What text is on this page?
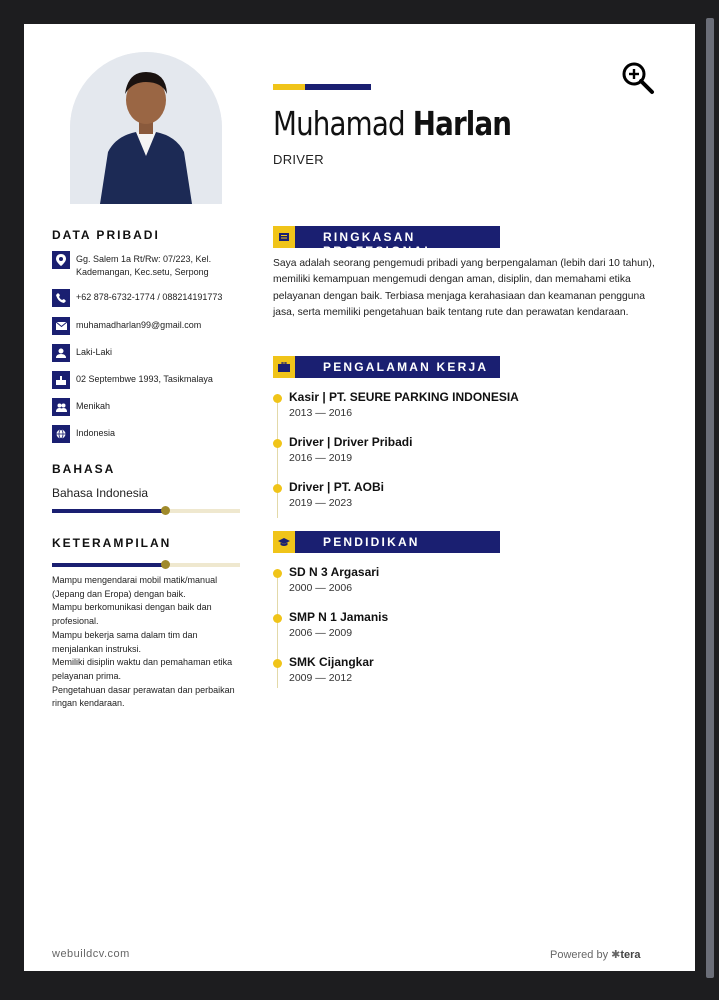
Muhamad Harlan
DRIVER
DATA PRIBADI
Gg. Salem 1a Rt/Rw: 07/223, Kel. Kademangan, Kec.setu, Serpong
+62 878-6732-1774 / 088214191773
muhamadharlan99@gmail.com
Laki-Laki
02 Septembwe 1993, Tasikmalaya
Menikah
Indonesia
BAHASA
Bahasa Indonesia
KETERAMPILAN
Mampu mengendarai mobil matik/manual (Jepang dan Eropa) dengan baik.
Mampu berkomunikasi dengan baik dan profesional.
Mampu bekerja sama dalam tim dan menjalankan instruksi.
Memiliki disiplin waktu dan pemahaman etika pelayanan prima.
Pengetahuan dasar perawatan dan perbaikan ringan kendaraan.
RINGKASAN PROFESIONAL
Saya adalah seorang pengemudi pribadi yang berpengalaman (lebih dari 10 tahun), memiliki kemampuan mengemudi dengan aman, disiplin, dan memahami etika pelayanan dengan baik. Terbiasa menjaga kerahasiaan dan keamanan pengguna jasa, serta memiliki pengetahuan baik tentang rute dan perawatan kendaraan.
PENGALAMAN KERJA
Kasir | PT. SEURE PARKING INDONESIA
2013 — 2016
Driver | Driver Pribadi
2016 — 2019
Driver | PT. AOBi
2019 — 2023
PENDIDIKAN
SD N 3 Argasari
2000 — 2006
SMP N 1 Jamanis
2006 — 2009
SMK Cijangkar
2009 — 2012
webuildcv.com	Powered by ✱tera
